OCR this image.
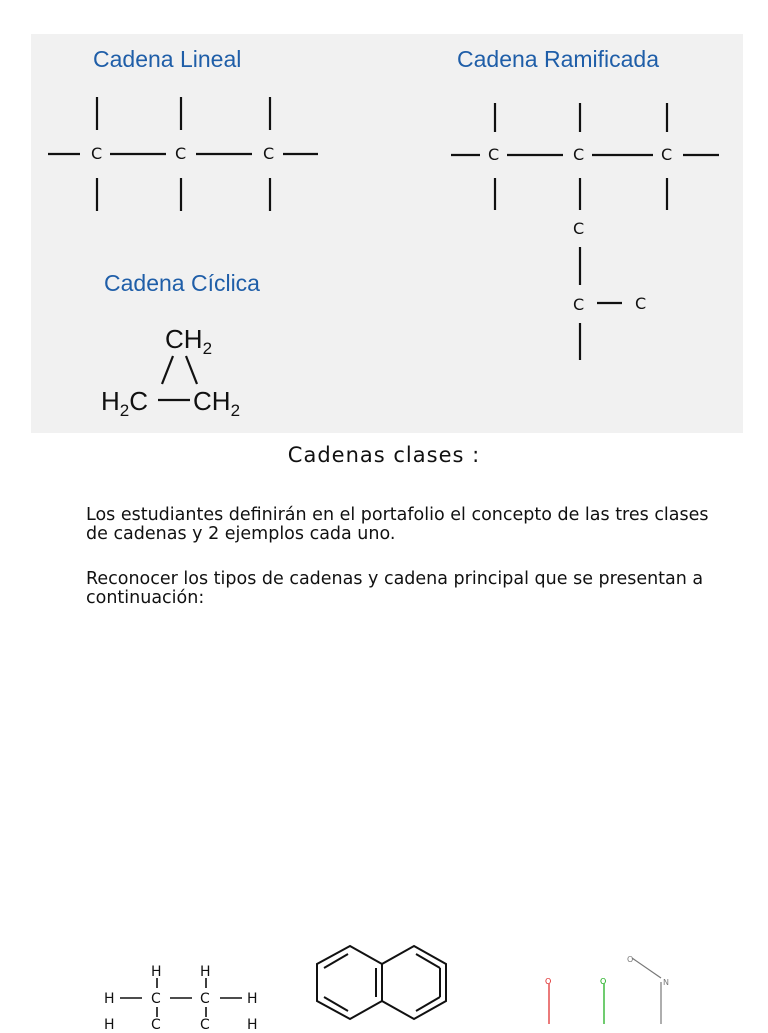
Cadena Lineal	Cadena Ramificada
Cadena Cíclica
C	C	C	C	C	C
C
C	C
$CH_2$
$H_2C$ $CH_2$
Cadenas clases :

Los estudiantes definirán en el portafolio el concepto de las tres clases de cadenas y 2 ejemplos cada uno.

Reconocer los tipos de cadenas y cadena principal que se presentan a continuación:

H	H
H	C	C	H
H	C	C	H
O	O
O
N
